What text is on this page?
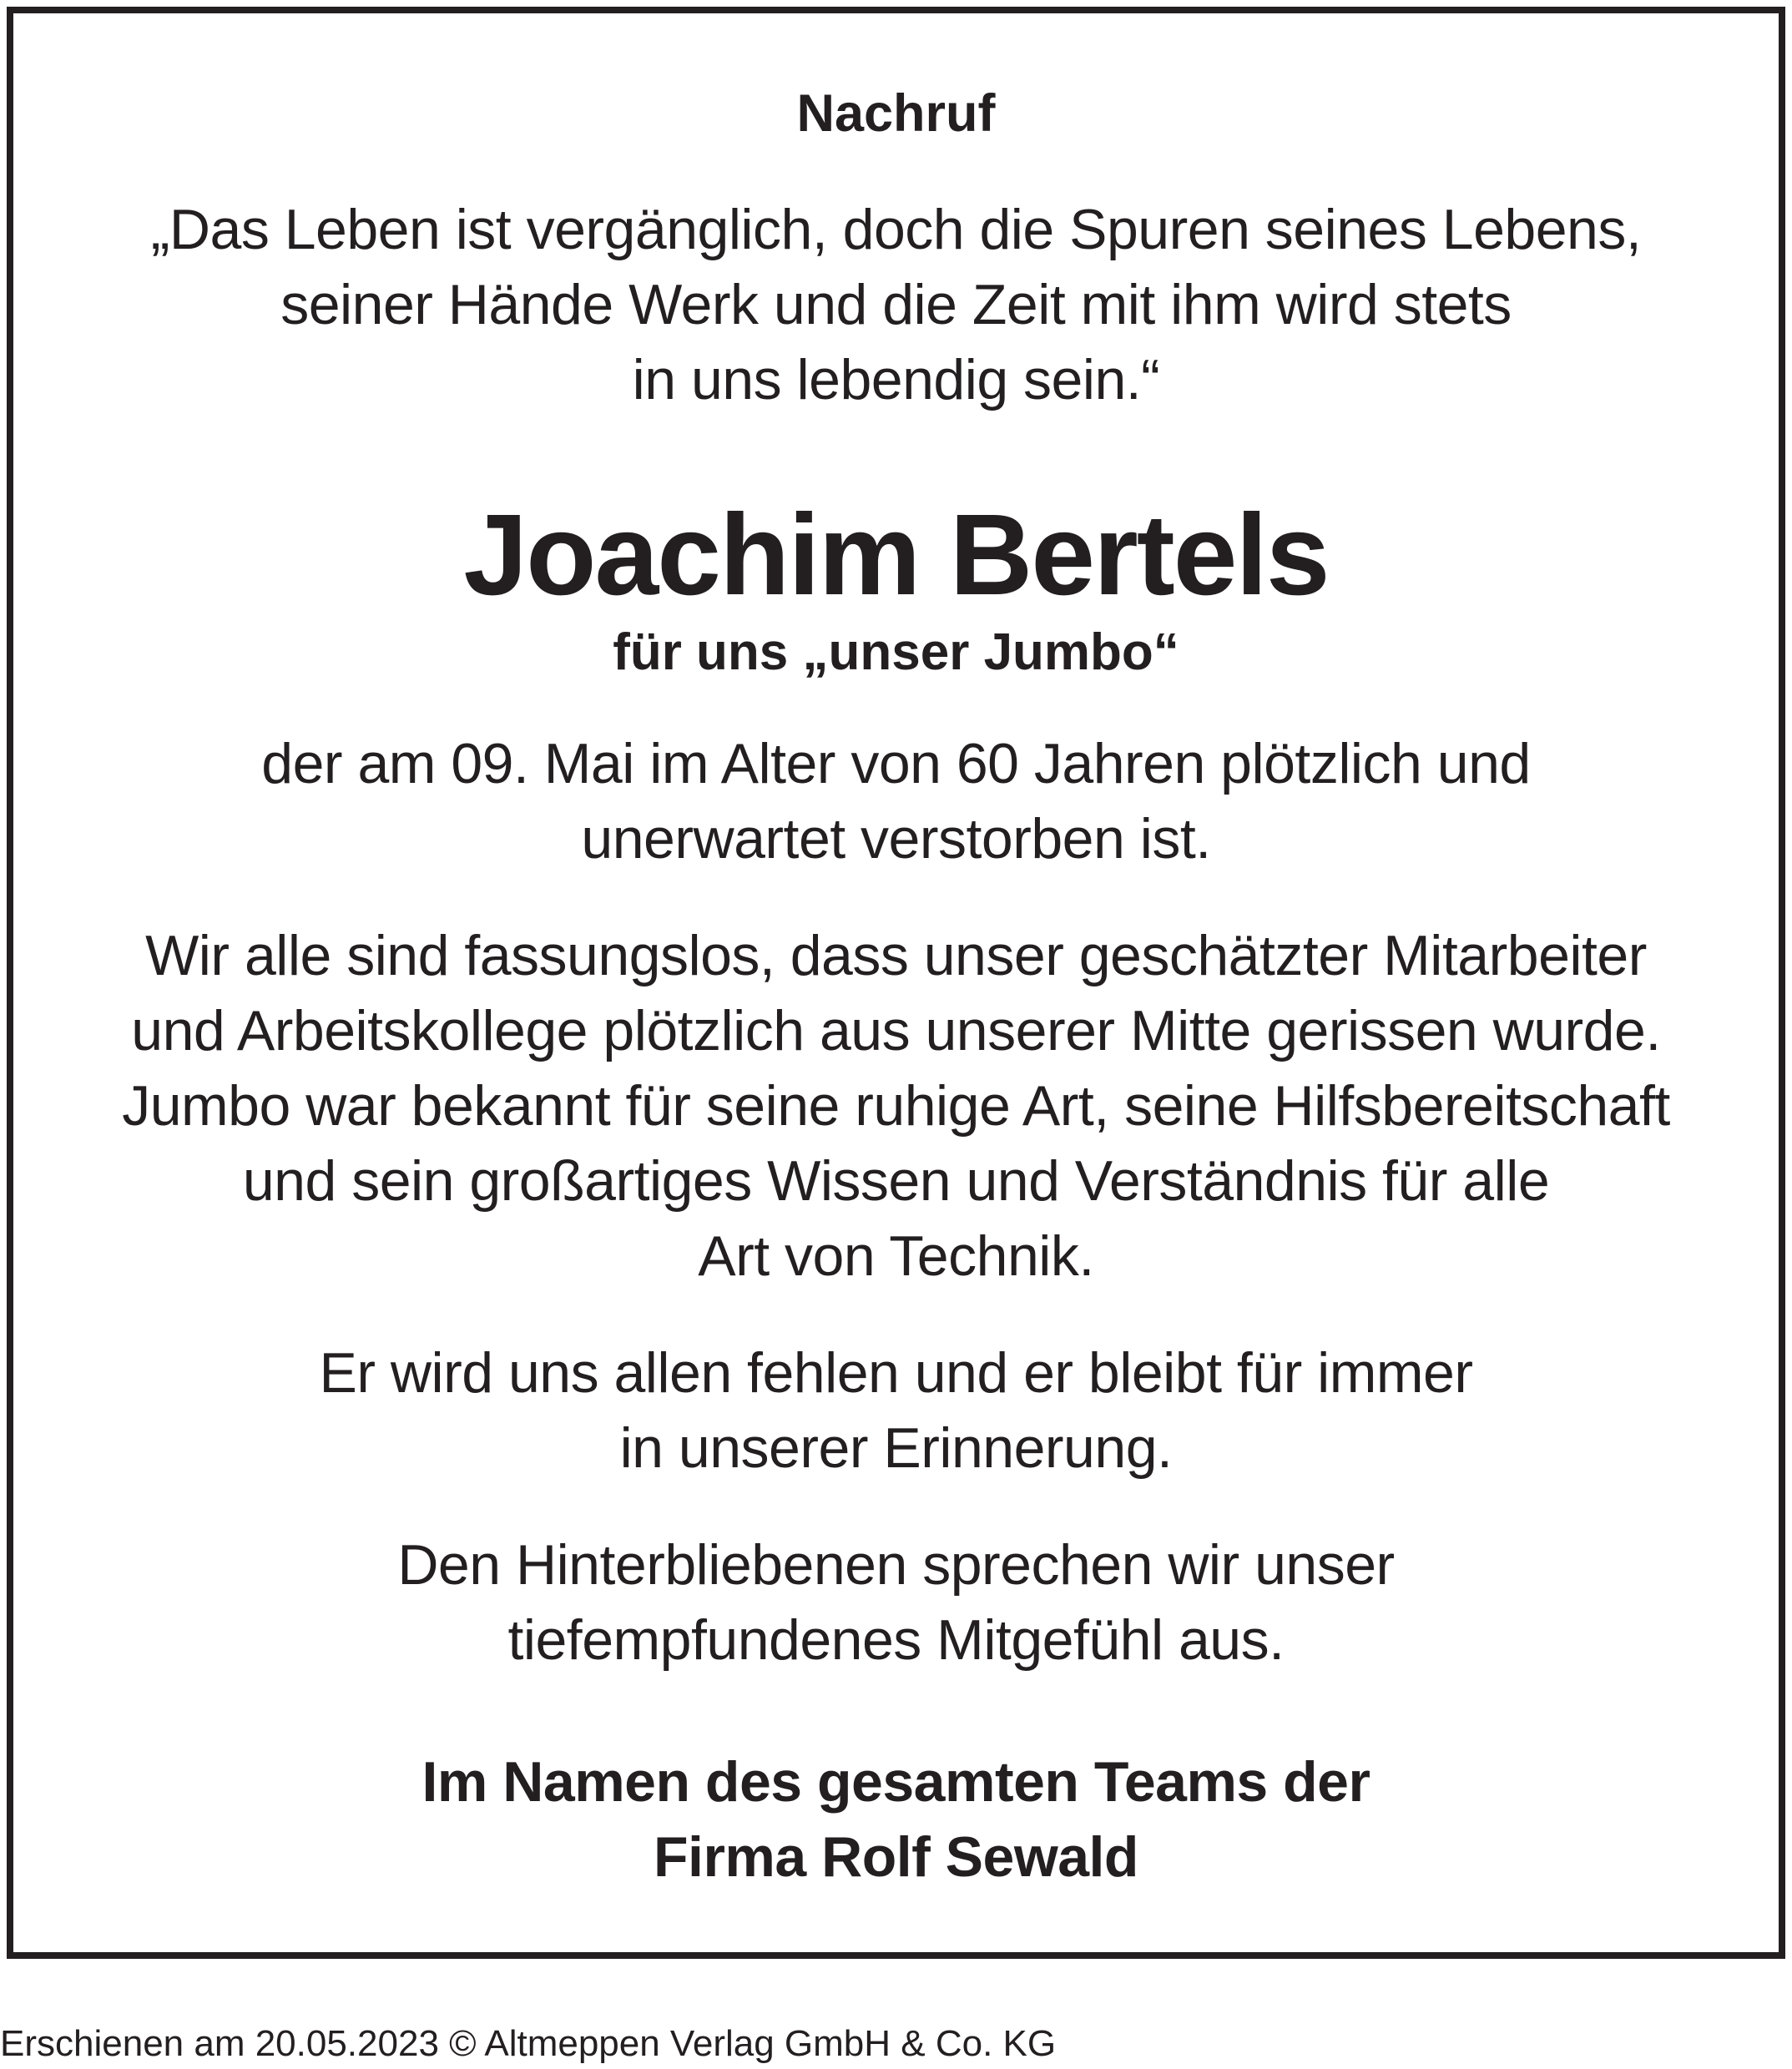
Nachruf
„Das Leben ist vergänglich, doch die Spuren seines Lebens,
seiner Hände Werk und die Zeit mit ihm wird stets
in uns lebendig sein.“
Joachim Bertels
für uns „unser Jumbo“
der am 09. Mai im Alter von 60 Jahren plötzlich und
unerwartet verstorben ist.
Wir alle sind fassungslos, dass unser geschätzter Mitarbeiter
und Arbeitskollege plötzlich aus unserer Mitte gerissen wurde.
Jumbo war bekannt für seine ruhige Art, seine Hilfsbereitschaft
und sein großartiges Wissen und Verständnis für alle
Art von Technik.
Er wird uns allen fehlen und er bleibt für immer
in unserer Erinnerung.
Den Hinterbliebenen sprechen wir unser
tiefempfundenes Mitgefühl aus.
Im Namen des gesamten Teams der
Firma Rolf Sewald
Erschienen am 20.05.2023 © Altmeppen Verlag GmbH & Co. KG
